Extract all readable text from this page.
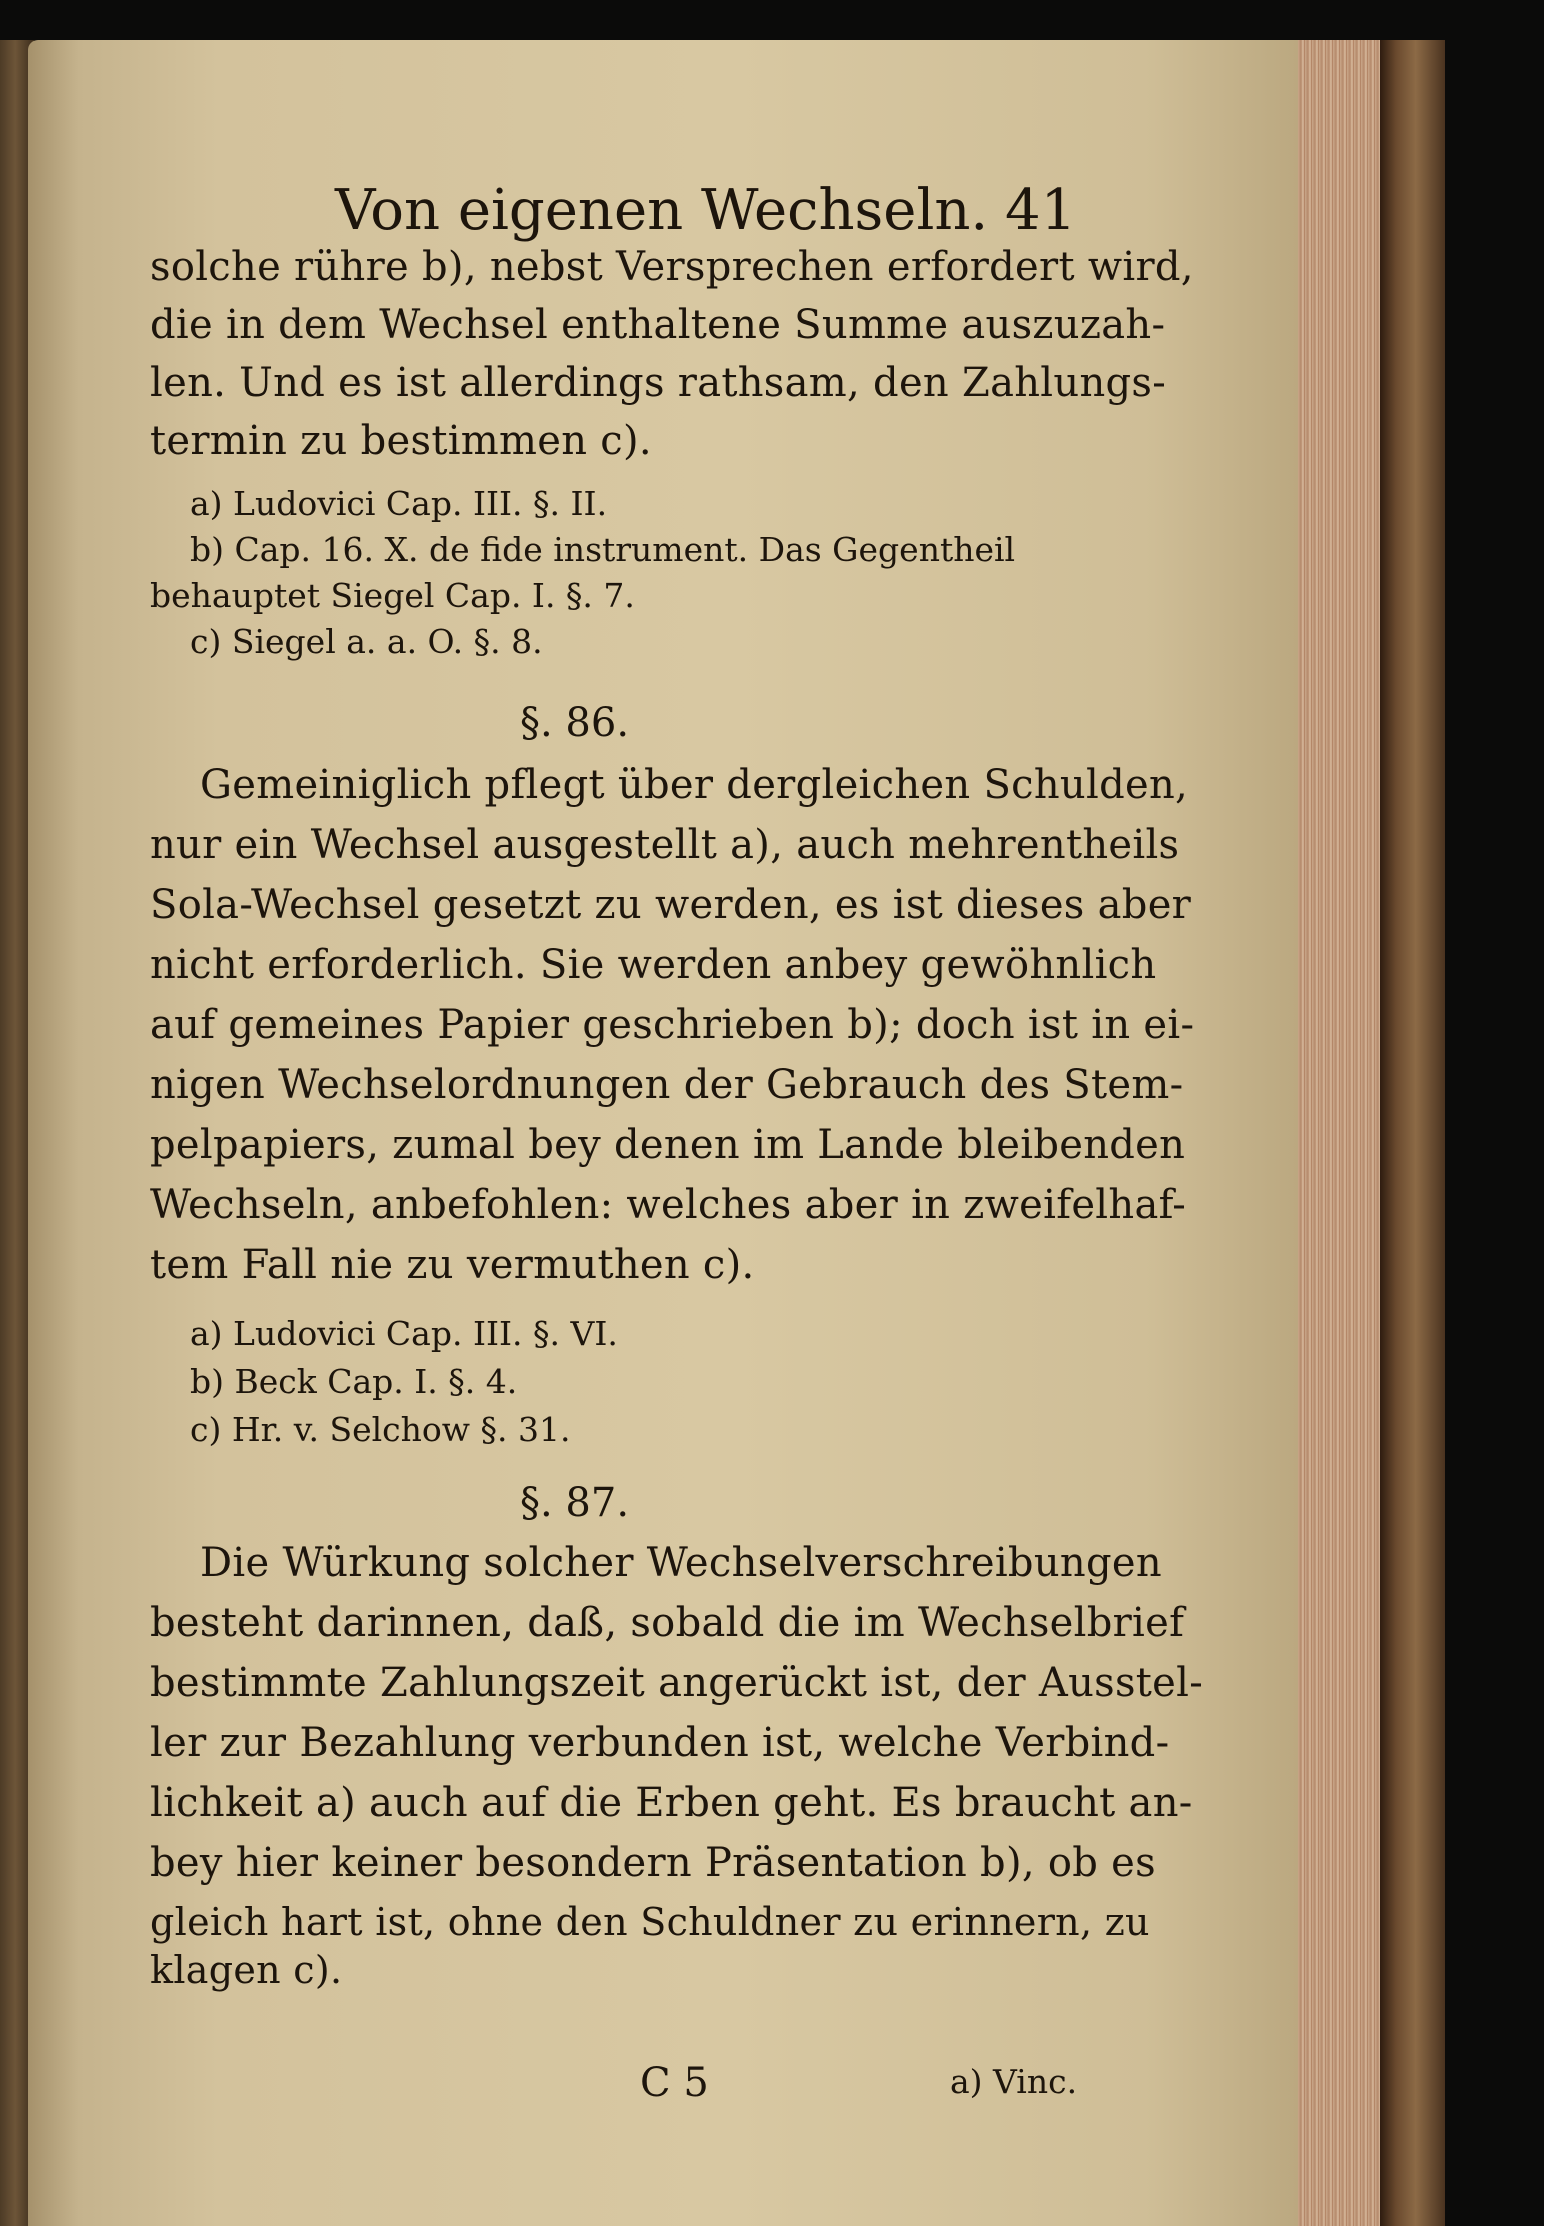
Von eigenen Wechseln. 41
solche rühre b), nebst Versprechen erfordert wird,
die in dem Wechsel enthaltene Summe auszuzah-
len. Und es ist allerdings rathsam, den Zahlungs-
termin zu bestimmen c).
a) Ludovici Cap. III. §. II.
b) Cap. 16. X. de fide instrument. Das Gegentheil
behauptet Siegel Cap. I. §. 7.
c) Siegel a. a. O. §. 8.
§. 86.
Gemeiniglich pflegt über dergleichen Schulden,
nur ein Wechsel ausgestellt a), auch mehrentheils
Sola-Wechsel gesetzt zu werden, es ist dieses aber
nicht erforderlich. Sie werden anbey gewöhnlich
auf gemeines Papier geschrieben b); doch ist in ei-
nigen Wechselordnungen der Gebrauch des Stem-
pelpapiers, zumal bey denen im Lande bleibenden
Wechseln, anbefohlen: welches aber in zweifelhaf-
tem Fall nie zu vermuthen c).
a) Ludovici Cap. III. §. VI.
b) Beck Cap. I. §. 4.
c) Hr. v. Selchow §. 31.
§. 87.
Die Würkung solcher Wechselverschreibungen
besteht darinnen, daß, sobald die im Wechselbrief
bestimmte Zahlungszeit angerückt ist, der Ausstel-
ler zur Bezahlung verbunden ist, welche Verbind-
lichkeit a) auch auf die Erben geht. Es braucht an-
bey hier keiner besondern Präsentation b), ob es
gleich hart ist, ohne den Schuldner zu erinnern, zu
klagen c).
C 5	a) Vinc.
